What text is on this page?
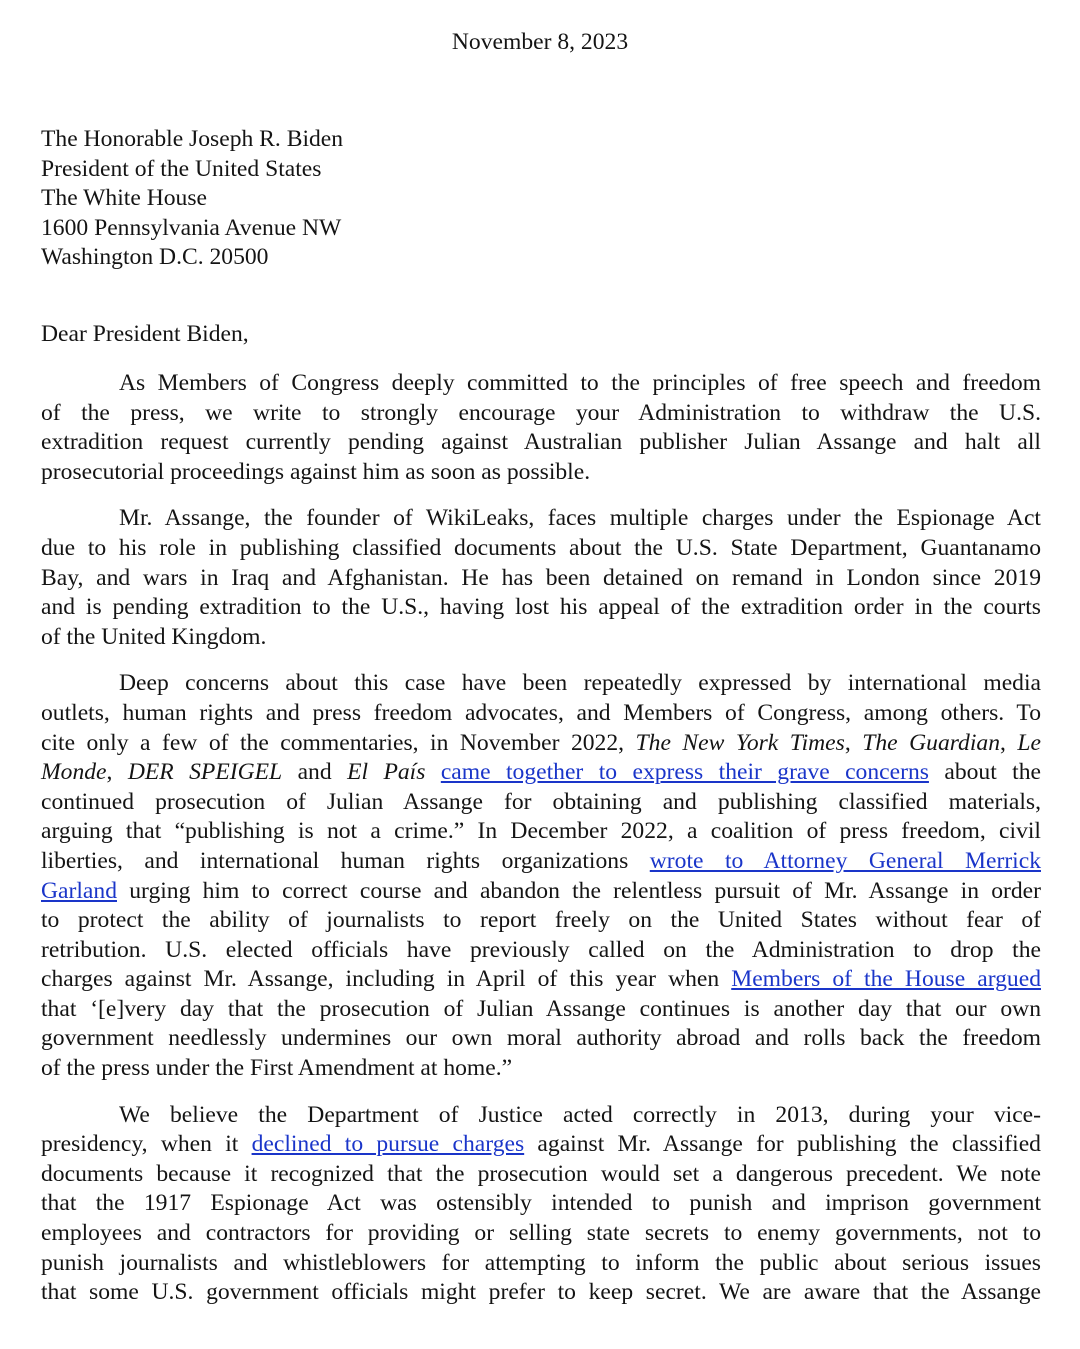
November 8, 2023
The Honorable Joseph R. Biden
President of the United States
The White House
1600 Pennsylvania Avenue NW
Washington D.C. 20500
Dear President Biden,
As Members of Congress deeply committed to the principles of free speech and freedom
of the press, we write to strongly encourage your Administration to withdraw the U.S.
extradition request currently pending against Australian publisher Julian Assange and halt all
prosecutorial proceedings against him as soon as possible.
Mr. Assange, the founder of WikiLeaks, faces multiple charges under the Espionage Act
due to his role in publishing classified documents about the U.S. State Department, Guantanamo
Bay, and wars in Iraq and Afghanistan. He has been detained on remand in London since 2019
and is pending extradition to the U.S., having lost his appeal of the extradition order in the courts
of the United Kingdom.
Deep concerns about this case have been repeatedly expressed by international media
outlets, human rights and press freedom advocates, and Members of Congress, among others. To
cite only a few of the commentaries, in November 2022, The New York Times, The Guardian, Le
Monde, DER SPEIGEL and El País came together to express their grave concerns about the
continued prosecution of Julian Assange for obtaining and publishing classified materials,
arguing that “publishing is not a crime.” In December 2022, a coalition of press freedom, civil
liberties, and international human rights organizations wrote to Attorney General Merrick
Garland urging him to correct course and abandon the relentless pursuit of Mr. Assange in order
to protect the ability of journalists to report freely on the United States without fear of
retribution. U.S. elected officials have previously called on the Administration to drop the
charges against Mr. Assange, including in April of this year when Members of the House argued
that ‘[e]very day that the prosecution of Julian Assange continues is another day that our own
government needlessly undermines our own moral authority abroad and rolls back the freedom
of the press under the First Amendment at home.”
We believe the Department of Justice acted correctly in 2013, during your vice-
presidency, when it declined to pursue charges against Mr. Assange for publishing the classified
documents because it recognized that the prosecution would set a dangerous precedent. We note
that the 1917 Espionage Act was ostensibly intended to punish and imprison government
employees and contractors for providing or selling state secrets to enemy governments, not to
punish journalists and whistleblowers for attempting to inform the public about serious issues
that some U.S. government officials might prefer to keep secret. We are aware that the Assange
